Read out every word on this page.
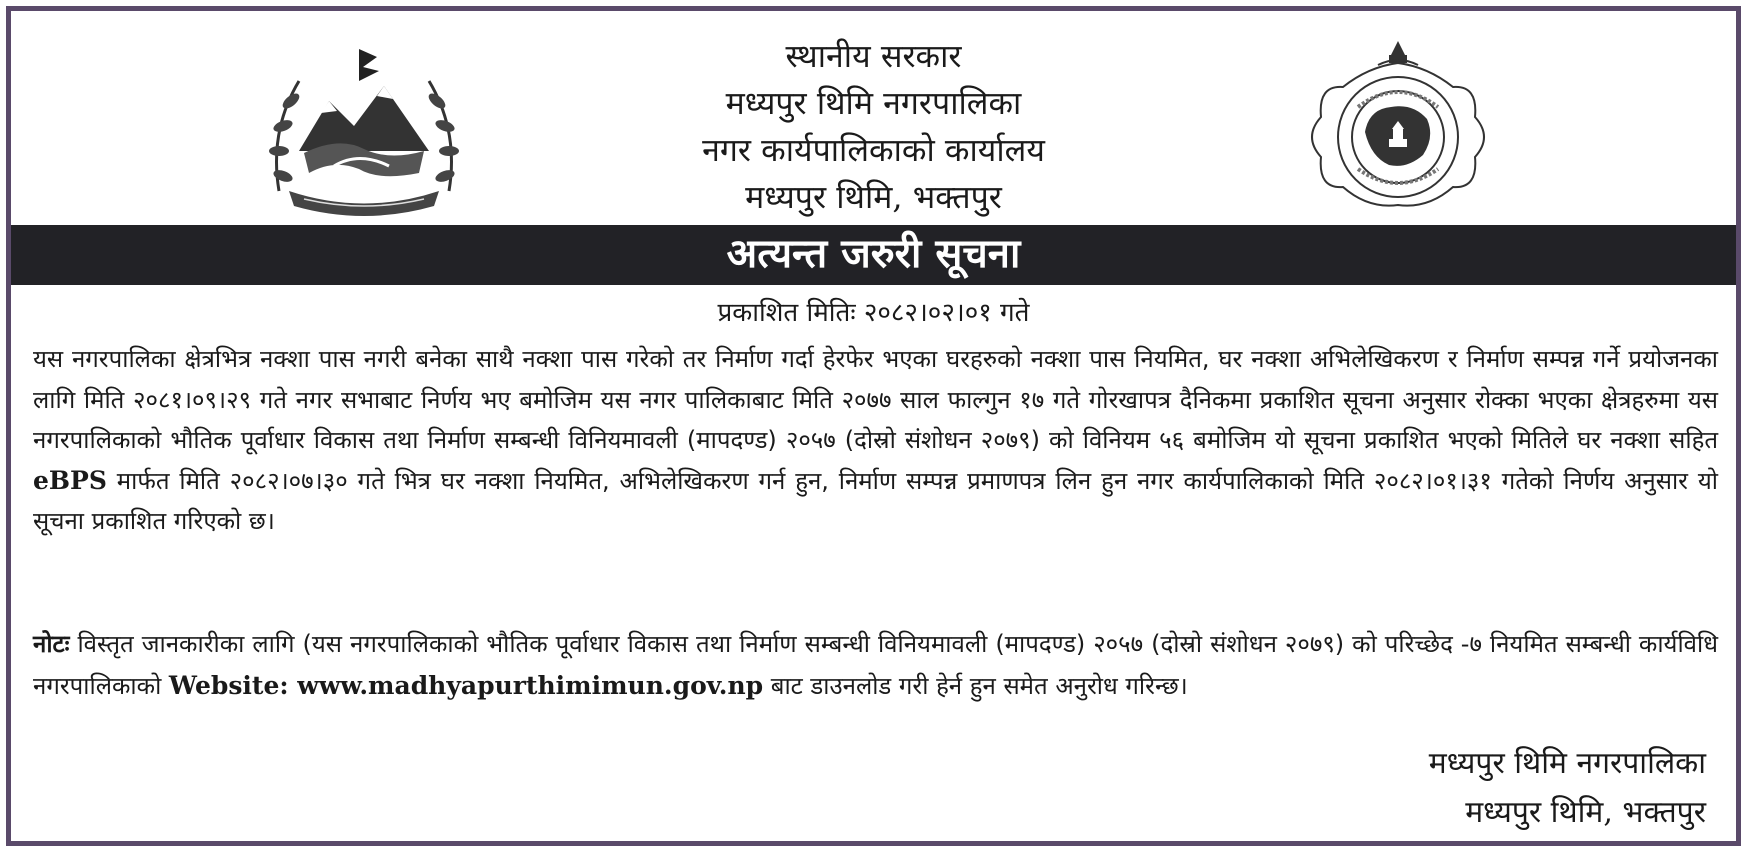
स्थानीय सरकार
मध्यपुर थिमि नगरपालिका
नगर कार्यपालिकाको कार्यालय
मध्यपुर थिमि, भक्तपुर
अत्यन्त जरुरी सूचना
प्रकाशित मितिः २०८२।०२।०१ गते
यस नगरपालिका क्षेत्रभित्र नक्शा पास नगरी बनेका साथै नक्शा पास गरेको तर निर्माण गर्दा हेरफेर भएका घरहरुको नक्शा पास नियमित, घर नक्शा अभिलेखिकरण र निर्माण सम्पन्न गर्ने प्रयोजनका लागि मिति २०८१।०९।२९ गते नगर सभाबाट निर्णय भए बमोजिम यस नगर पालिकाबाट मिति २०७७ साल फाल्गुन १७ गते गोरखापत्र दैनिकमा प्रकाशित सूचना अनुसार रोक्का भएका क्षेत्रहरुमा यस नगरपालिकाको भौतिक पूर्वाधार विकास तथा निर्माण सम्बन्धी विनियमावली (मापदण्ड) २०५७ (दोस्रो संशोधन २०७९) को विनियम ५६ बमोजिम यो सूचना प्रकाशित भएको मितिले घर नक्शा सहित eBPS मार्फत मिति २०८२।०७।३० गते भित्र घर नक्शा नियमित, अभिलेखिकरण गर्न हुन, निर्माण सम्पन्न प्रमाणपत्र लिन हुन नगर कार्यपालिकाको मिति २०८२।०१।३१ गतेको निर्णय अनुसार यो सूचना प्रकाशित गरिएको छ।
नोटः विस्तृत जानकारीका लागि (यस नगरपालिकाको भौतिक पूर्वाधार विकास तथा निर्माण सम्बन्धी विनियमावली (मापदण्ड) २०५७ (दोस्रो संशोधन २०७९) को परिच्छेद -७ नियमित सम्बन्धी कार्यविधि नगरपालिकाको Website: www.madhyapurthimimun.gov.np बाट डाउनलोड गरी हेर्न हुन समेत अनुरोध गरिन्छ।
मध्यपुर थिमि नगरपालिका
मध्यपुर थिमि, भक्तपुर
